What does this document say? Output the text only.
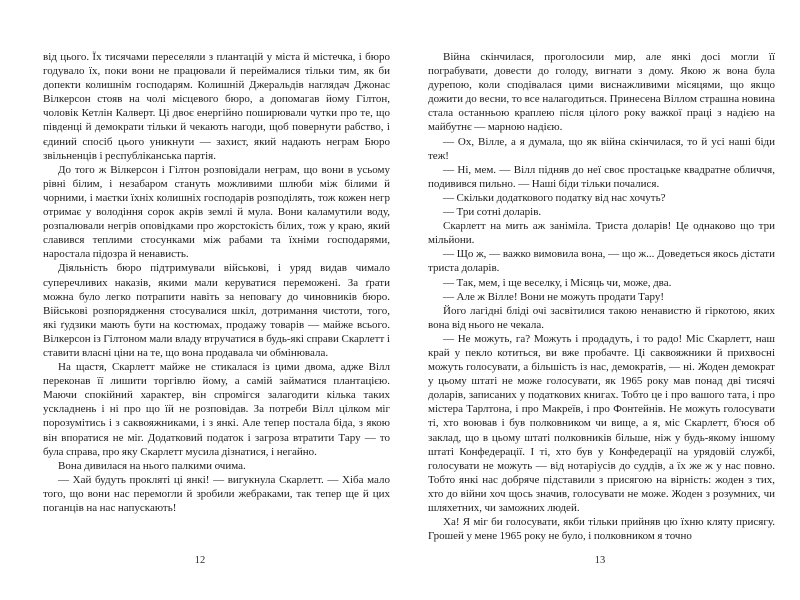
від цього. Їх тисячами переселяли з плантацій у міста й містечка, і бюро годувало їх, поки вони не працювали й переймалися тільки тим, як би допекти колишнім господарям. Колишній Джеральдів наглядач Джонас Вілкерсон стояв на чолі місцевого бюро, а допомагав йому Гілтон, чоловік Кетлін Калверт. Ці двоє енергійно поширювали чутки про те, що південці й демократи тільки й чекають нагоди, щоб повернути рабство, і єдиний спосіб цього уникнути — захист, який надають неграм Бюро звільненців і республіканська партія.

До того ж Вілкерсон і Гілтон розповідали неграм, що вони в усьому рівні білим, і незабаром стануть можливими шлюби між білими й чорними, і маєтки їхніх колишніх господарів розподілять, тож кожен негр отримає у володіння сорок акрів землі й мула. Вони каламутили воду, розпалювали негрів оповідками про жорстокість білих, тож у краю, який славився теплими стосунками між рабами та їхніми господарями, наростала підозра й ненависть.

Діяльність бюро підтримували військові, і уряд видав чимало суперечливих наказів, якими мали керуватися переможені. За ґрати можна було легко потрапити навіть за неповагу до чиновників бюро. Військові розпорядження стосувалися шкіл, дотримання чистоти, того, які ґудзики мають бути на костюмах, продажу товарів — майже всього. Вілкерсон із Гілтоном мали владу втручатися в будь-які справи Скарлетт і ставити власні ціни на те, що вона продавала чи обмінювала.

На щастя, Скарлетт майже не стикалася із цими двома, адже Вілл переконав її лишити торгівлю йому, а самій займатися плантацією. Маючи спокійний характер, він спромігся залагодити кілька таких ускладнень і ні про що їй не розповідав. За потреби Вілл цілком міг порозумітись і з саквояжниками, і з янкі. Але тепер постала біда, з якою він впоратися не міг. Додатковий податок і загроза втратити Тару — то була справа, про яку Скарлетт мусила дізнатися, і негайно.

Вона дивилася на нього палкими очима.

— Хай будуть прокляті ці янкі! — вигукнула Скарлетт. — Хіба мало того, що вони нас перемогли й зробили жебраками, так тепер ще й цих поганців на нас напускають!

Війна скінчилася, проголосили мир, але янкі досі могли її пограбувати, довести до голоду, вигнати з дому. Якою ж вона була дурепою, коли сподівалася цими виснажливими місяцями, що якщо дожити до весни, то все налагодиться. Принесена Віллом страшна новина стала останньою краплею після цілого року важкої праці з надією на майбутнє — марною надією.

— Ох, Вілле, а я думала, що як війна скінчилася, то й усі наші біди теж!

— Ні, мем. — Вілл підняв до неї своє простацьке квадратне обличчя, подивився пильно. — Наші біди тільки почалися.

— Скільки додаткового податку від нас хочуть?

— Три сотні доларів.

Скарлетт на мить аж заніміла. Триста доларів! Це однаково що три мільйони.

— Що ж, — важко вимовила вона, — що ж... Доведеться якось дістати триста доларів.

— Так, мем, і ще веселку, і Місяць чи, може, два.

— Але ж Вілле! Вони не можуть продати Тару!

Його лагідні бліді очі засвітилися такою ненавистю й гіркотою, яких вона від нього не чекала.

— Не можуть, га? Можуть і продадуть, і то радо! Міс Скарлетт, наш край у пекло котиться, ви вже пробачте. Ці саквояжники й прихвосні можуть голосувати, а більшість із нас, демократів, — ні. Жоден демократ у цьому штаті не може голосувати, як 1965 року мав понад дві тисячі доларів, записаних у податкових книгах. Тобто це і про вашого тата, і про містера Тарлтона, і про Макреїв, і про Фонтейнів. Не можуть голосувати ті, хто воював і був полковником чи вище, а я, міс Скарлетт, б'юся об заклад, що в цьому штаті полковників більше, ніж у будь-якому іншому штаті Конфедерації. І ті, хто був у Конфедерації на урядовій службі, голосувати не можуть — від нотаріусів до суддів, а їх же ж у нас повно. Тобто янкі нас добряче підставили з присягою на вірність: жоден з тих, хто до війни хоч щось значив, голосувати не може. Жоден з розумних, чи шляхетних, чи заможних людей.

Ха! Я міг би голосувати, якби тільки прийняв цю їхню кляту присягу. Грошей у мене 1965 року не було, і полковником я точно

12	13
